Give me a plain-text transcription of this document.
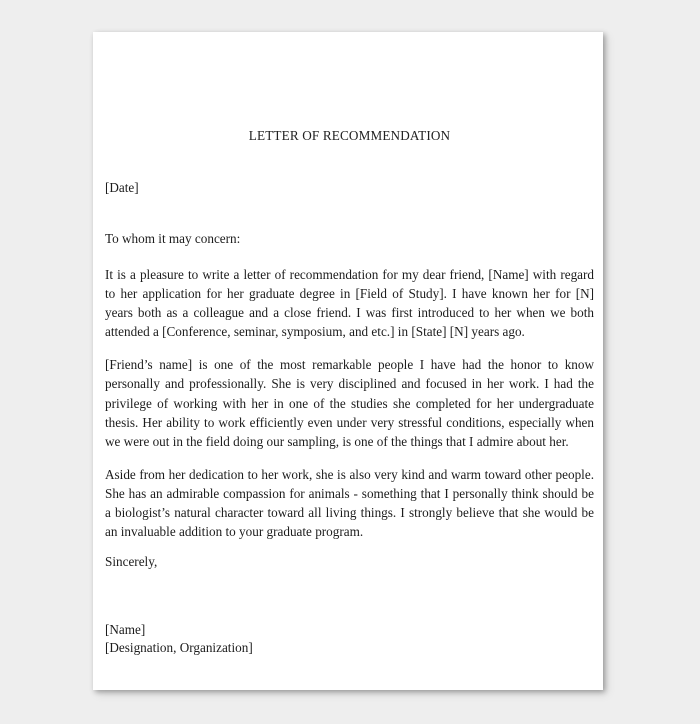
LETTER OF RECOMMENDATION
[Date]
To whom it may concern:

It is a pleasure to write a letter of recommendation for my dear friend, [Name] with regard to her application for her graduate degree in [Field of Study]. I have known her for [N] years both as a colleague and a close friend. I was first introduced to her when we both attended a [Conference, seminar, symposium, and etc.] in [State] [N] years ago.

[Friend’s name] is one of the most remarkable people I have had the honor to know personally and professionally. She is very disciplined and focused in her work. I had the privilege of working with her in one of the studies she completed for her undergraduate thesis. Her ability to work efficiently even under very stressful conditions, especially when we were out in the field doing our sampling, is one of the things that I admire about her.

Aside from her dedication to her work, she is also very kind and warm toward other people. She has an admirable compassion for animals - something that I personally think should be a biologist’s natural character toward all living things. I strongly believe that she would be an invaluable addition to your graduate program.

Sincerely,
[Name]
[Designation, Organization]
